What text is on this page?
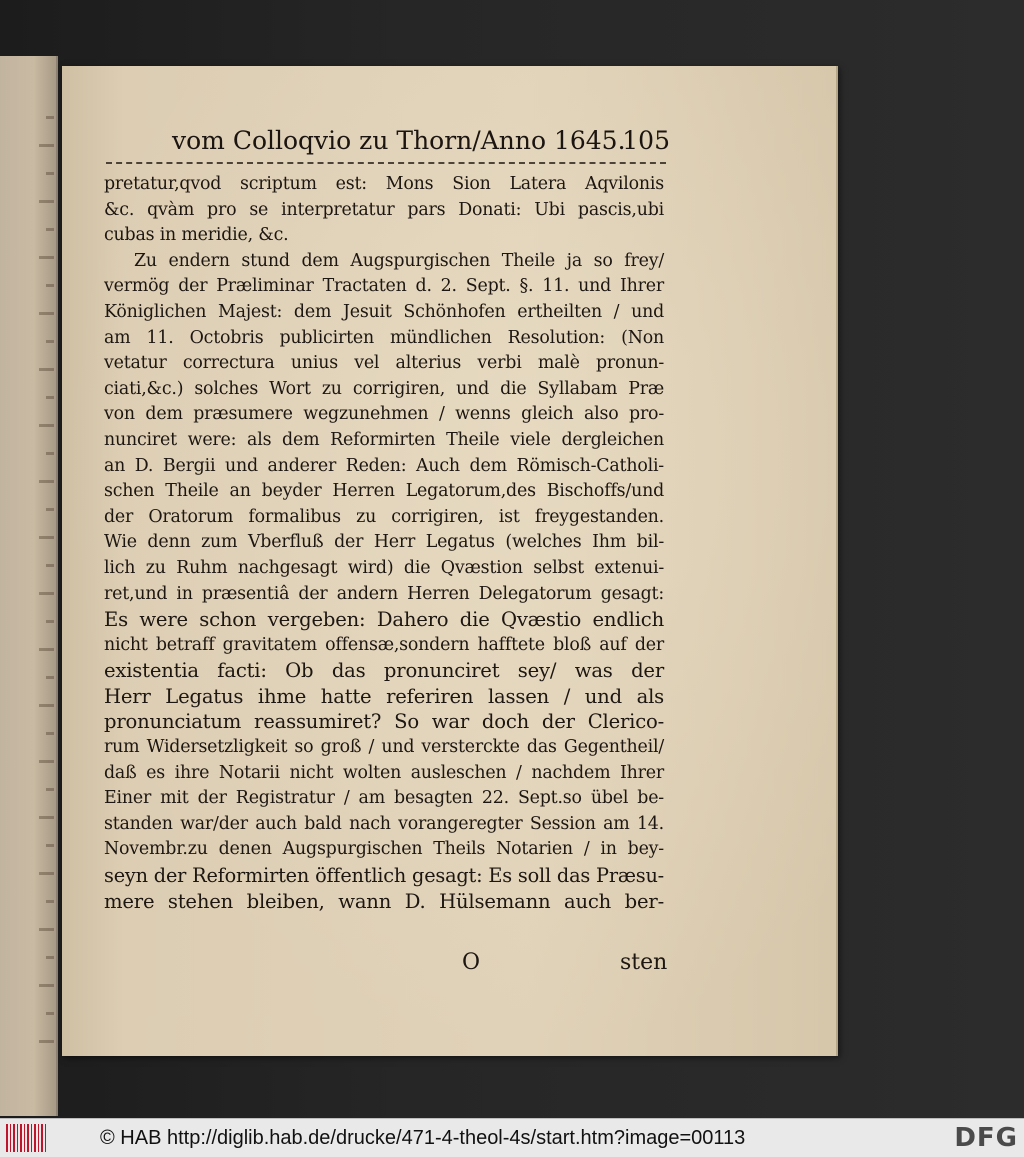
vom Colloqvio zu Thorn/Anno 1645.
105
pretatur,qvod scriptum est: Mons Sion Latera Aqvilonis
&c. qvàm pro se interpretatur pars Donati: Ubi pascis,ubi
cubas in meridie, &c.
Zu endern stund dem Augspurgischen Theile ja so frey/
vermög der Præliminar Tractaten d. 2. Sept. §. 11. und Ihrer
Königlichen Majest: dem Jesuit Schönhofen ertheilten / und
am 11. Octobris publicirten mündlichen Resolution: (Non
vetatur correctura unius vel alterius verbi malè pronun-
ciati,&c.) solches Wort zu corrigiren, und die Syllabam Præ
von dem præsumere wegzunehmen / wenns gleich also pro-
nunciret were: als dem Reformirten Theile viele dergleichen
an D. Bergii und anderer Reden: Auch dem Römisch-Catholi-
schen Theile an beyder Herren Legatorum,des Bischoffs/und
der Oratorum formalibus zu corrigiren, ist freygestanden.
Wie denn zum Vberfluß der Herr Legatus (welches Ihm bil-
lich zu Ruhm nachgesagt wird) die Qvæstion selbst extenui-
ret,und in præsentiâ der andern Herren Delegatorum gesagt:
Es were schon vergeben: Dahero die Qvæstio endlich
nicht betraff gravitatem offensæ,sondern hafftete bloß auf der
existentia facti: Ob das pronunciret sey/ was der
Herr Legatus ihme hatte referiren lassen / und als
pronunciatum reassumiret? So war doch der Clerico-
rum Widersetzligkeit so groß / und versterckte das Gegentheil/
daß es ihre Notarii nicht wolten ausleschen / nachdem Ihrer
Einer mit der Registratur / am besagten 22. Sept.so übel be-
standen war/der auch bald nach vorangeregter Session am 14.
Novembr.zu denen Augspurgischen Theils Notarien / in bey-
seyn der Reformirten öffentlich gesagt: Es soll das Præsu-
mere stehen bleiben, wann D. Hülsemann auch ber-
O	sten
© HAB http://diglib.hab.de/drucke/471-4-theol-4s/start.htm?image=00113	DFG
